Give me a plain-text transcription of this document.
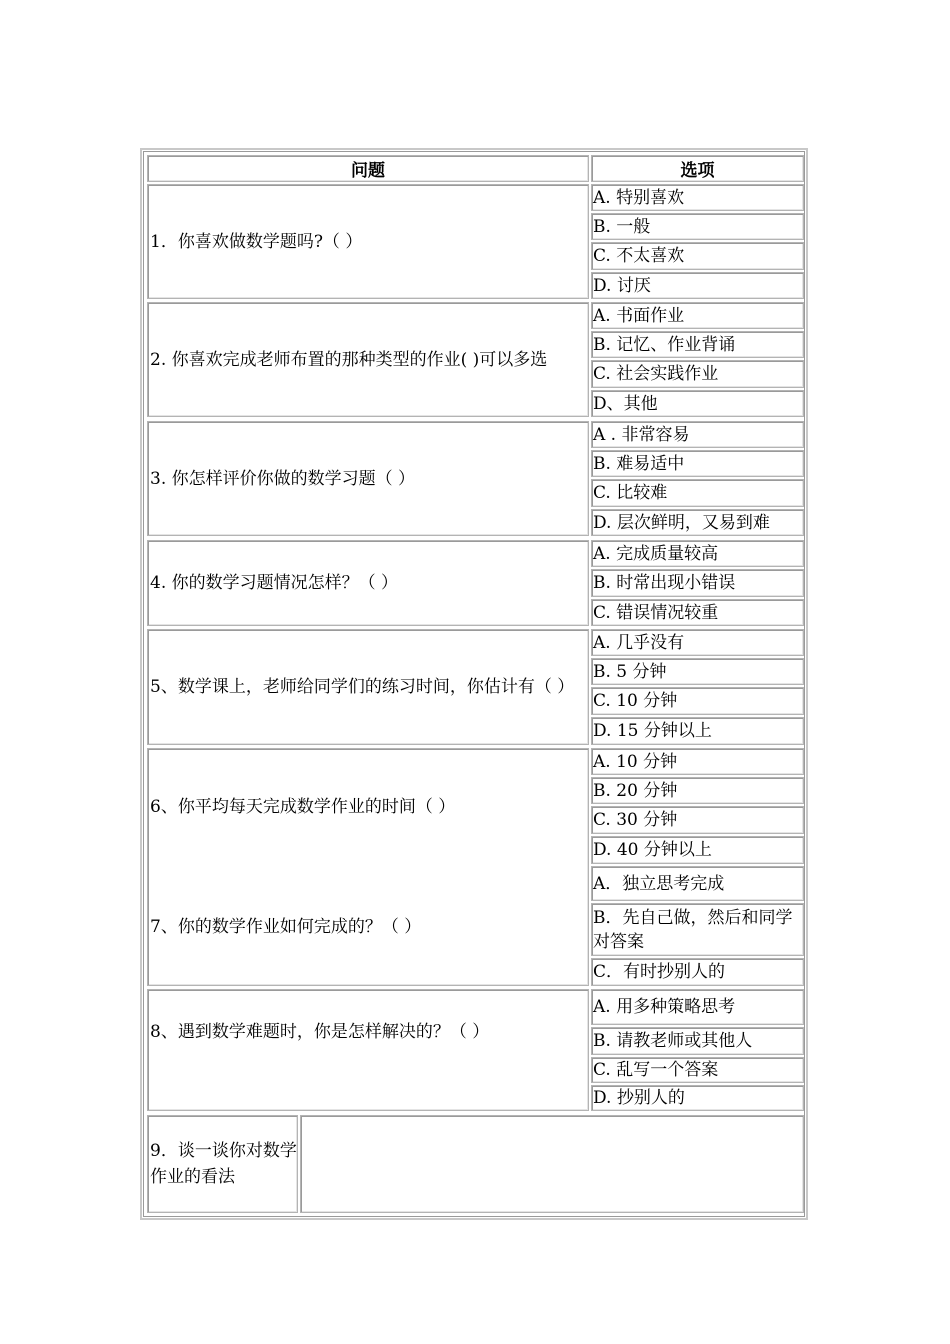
问题	选项
1．你喜欢做数学题吗?（ ）
A. 特别喜欢
B. 一般
C. 不太喜欢
D. 讨厌
2. 你喜欢完成老师布置的那种类型的作业( )可以多选
A. 书面作业
B. 记忆、作业背诵
C. 社会实践作业
D、其他
3. 你怎样评价你做的数学习题（ ）
A . 非常容易
B. 难易适中
C. 比较难
D. 层次鲜明，又易到难
4. 你的数学习题情况怎样？（ ）
A. 完成质量较高
B. 时常出现小错误
C. 错误情况较重
5、数学课上，老师给同学们的练习时间，你估计有（ ）
A. 几乎没有
B. 5 分钟
C. 10 分钟
D. 15 分钟以上
6、你平均每天完成数学作业的时间（ ）
7、你的数学作业如何完成的？（ ）
A. 10 分钟
B. 20 分钟
C. 30 分钟
D. 40 分钟以上
A．独立思考完成
B．先自己做，然后和同学对答案
C．有时抄别人的
8、遇到数学难题时，你是怎样解决的？（ ）
A. 用多种策略思考
B. 请教老师或其他人
C. 乱写一个答案
D. 抄别人的
9．谈一谈你对数学作业的看法
